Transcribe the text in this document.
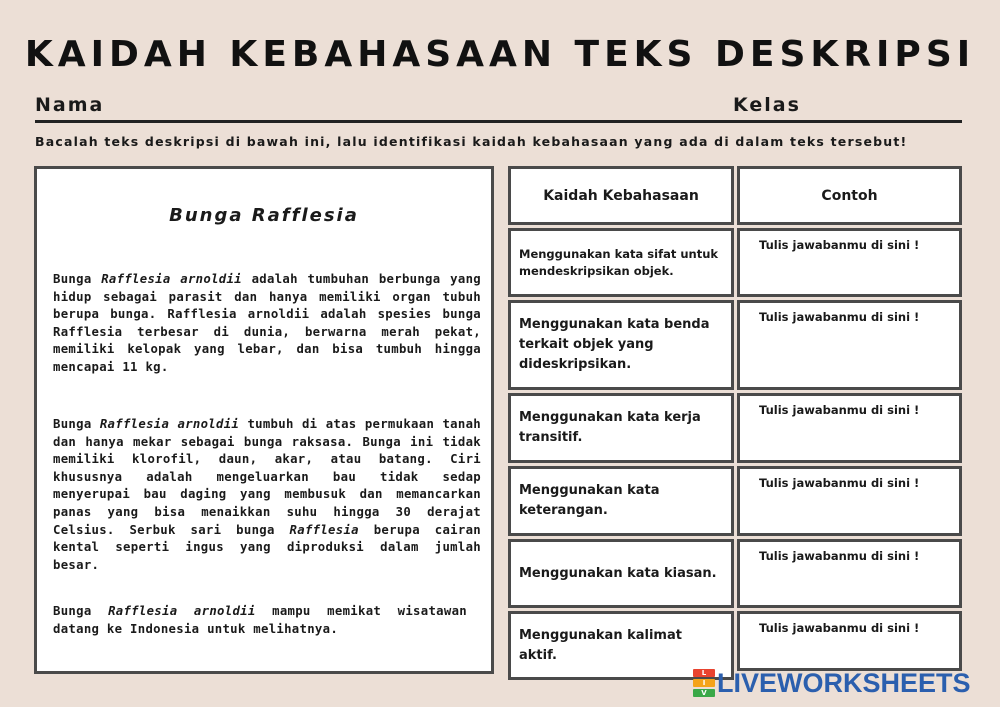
KAIDAH KEBAHASAAN TEKS DESKRIPSI
Nama	Kelas
Bacalah teks deskripsi di bawah ini, lalu identifikasi kaidah kebahasaan yang ada di dalam teks tersebut!
Bunga Rafflesia
Bunga Rafflesia arnoldii adalah tumbuhan berbunga yang hidup sebagai parasit dan hanya memiliki organ tubuh berupa bunga. Rafflesia arnoldii adalah spesies bunga Rafflesia terbesar di dunia, berwarna merah pekat, memiliki kelopak yang lebar, dan bisa tumbuh hingga mencapai 11 kg.
Bunga Rafflesia arnoldii tumbuh di atas permukaan tanah dan hanya mekar sebagai bunga raksasa. Bunga ini tidak memiliki klorofil, daun, akar, atau batang. Ciri khususnya adalah mengeluarkan bau tidak sedap menyerupai bau daging yang membusuk dan memancarkan panas yang bisa menaikkan suhu hingga 30 derajat Celsius. Serbuk sari bunga Rafflesia berupa cairan kental seperti ingus yang diproduksi dalam jumlah besar.
Bunga Rafflesia arnoldii mampu memikat wisatawan datang ke Indonesia untuk melihatnya.
Kaidah Kebahasaan	Contoh
Menggunakan kata sifat untuk mendeskripsikan objek.
Tulis jawabanmu di sini !
Menggunakan kata benda terkait objek yang dideskripsikan.
Tulis jawabanmu di sini !
Menggunakan kata kerja transitif.
Tulis jawabanmu di sini !
Menggunakan kata keterangan.
Tulis jawabanmu di sini !
Menggunakan kata kiasan.
Tulis jawabanmu di sini !
Menggunakan kalimat aktif.
Tulis jawabanmu di sini !
L
I
V LIVEWORKSHEETS
